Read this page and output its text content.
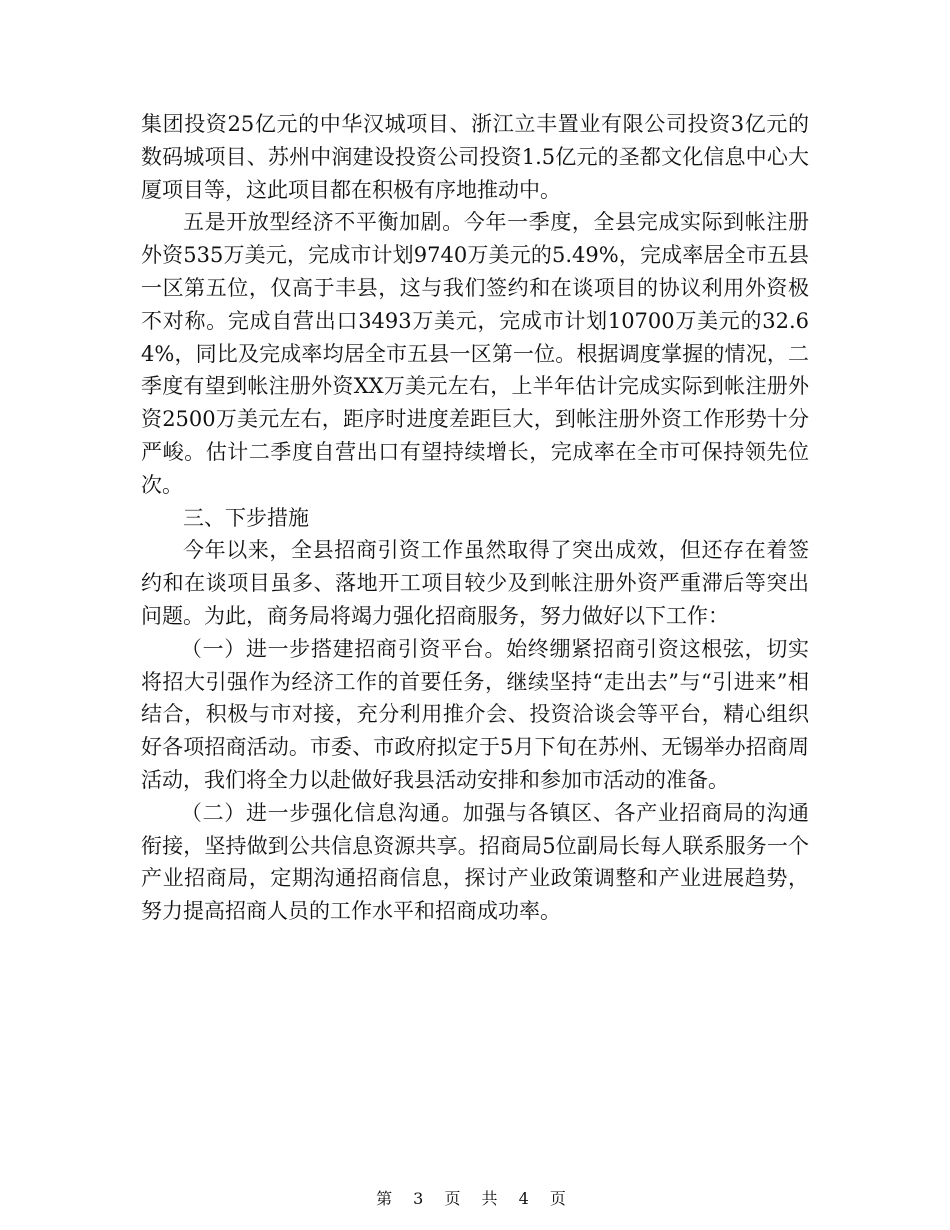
集团投资25亿元的中华汉城项目、浙江立丰置业有限公司投资3亿元的数码城项目、苏州中润建设投资公司投资1.5亿元的圣都文化信息中心大厦项目等，这此项目都在积极有序地推动中。

五是开放型经济不平衡加剧。今年一季度，全县完成实际到帐注册外资535万美元，完成市计划9740万美元的5.49%，完成率居全市五县一区第五位，仅高于丰县，这与我们签约和在谈项目的协议利用外资极不对称。完成自营出口3493万美元，完成市计划10700万美元的32.64%，同比及完成率均居全市五县一区第一位。根据调度掌握的情况，二季度有望到帐注册外资XX万美元左右，上半年估计完成实际到帐注册外资2500万美元左右，距序时进度差距巨大，到帐注册外资工作形势十分严峻。估计二季度自营出口有望持续增长，完成率在全市可保持领先位次。

三、下步措施

今年以来，全县招商引资工作虽然取得了突出成效，但还存在着签约和在谈项目虽多、落地开工项目较少及到帐注册外资严重滞后等突出问题。为此，商务局将竭力强化招商服务，努力做好以下工作：

（一）进一步搭建招商引资平台。始终绷紧招商引资这根弦，切实将招大引强作为经济工作的首要任务，继续坚持“走出去”与“引进来”相结合，积极与市对接，充分利用推介会、投资洽谈会等平台，精心组织好各项招商活动。市委、市政府拟定于5月下旬在苏州、无锡举办招商周活动，我们将全力以赴做好我县活动安排和参加市活动的准备。

（二）进一步强化信息沟通。加强与各镇区、各产业招商局的沟通衔接，坚持做到公共信息资源共享。招商局5位副局长每人联系服务一个产业招商局，定期沟通招商信息，探讨产业政策调整和产业进展趋势，努力提高招商人员的工作水平和招商成功率。

第 3 页 共 4 页
